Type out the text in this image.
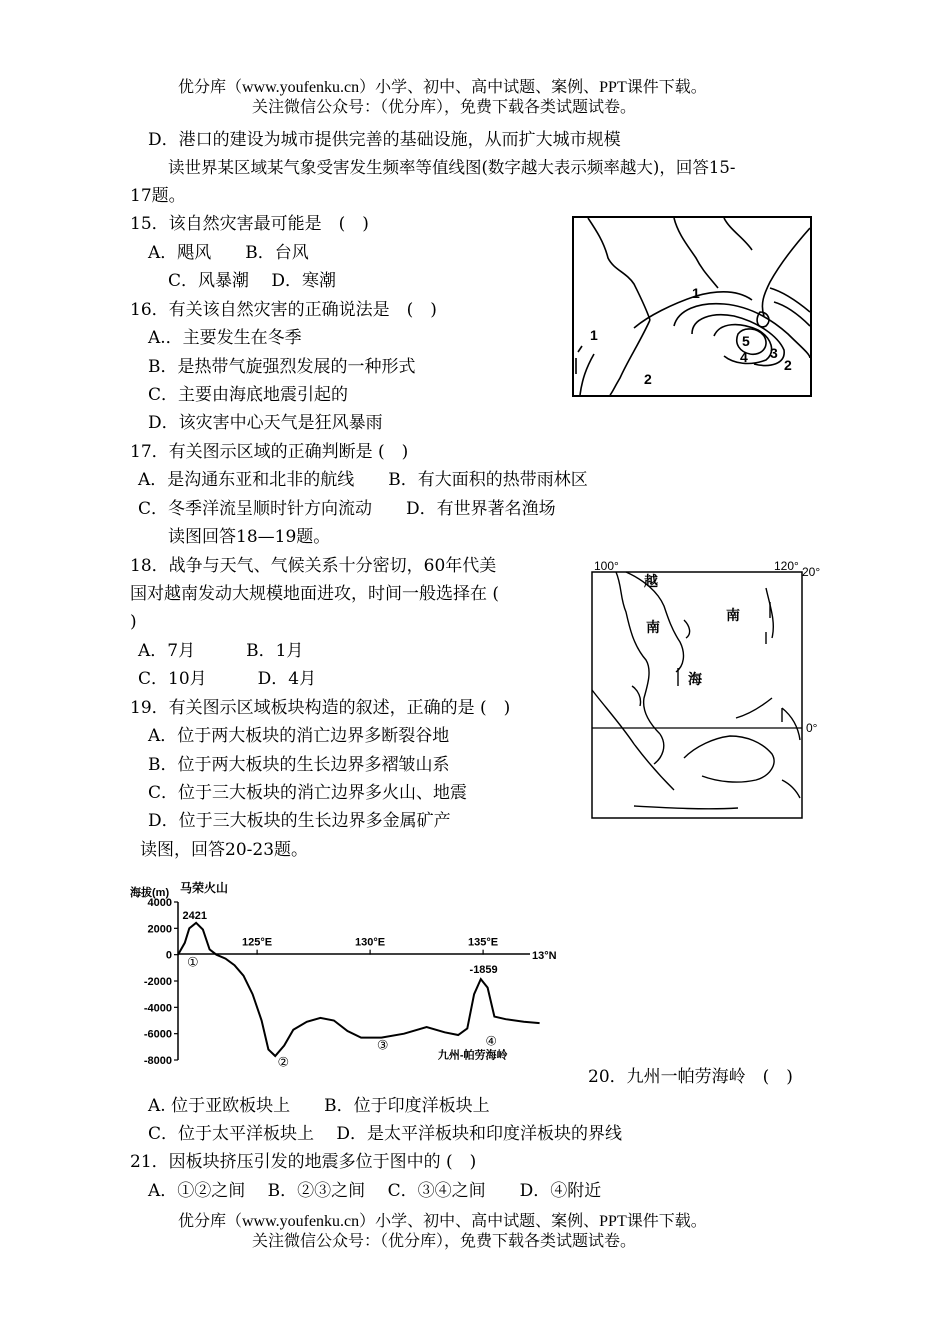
优分库（www.youfenku.cn）小学、初中、高中试题、案例、PPT课件下载。
关注微信公众号：（优分库），免费下载各类试题试卷。
D．港口的建设为城市提供完善的基础设施，从而扩大城市规模
读世界某区域某气象受害发生频率等值线图(数字越大表示频率越大)，回答15-
17题。
15．该自然灾害最可能是　(　)
A．飓风　　B．台风
C．风暴潮　 D．寒潮
16．有关该自然灾害的正确说法是　(　)
A.．主要发生在冬季
B．是热带气旋强烈发展的一种形式
C．主要由海底地震引起的
D．该灾害中心天气是狂风暴雨
17．有关图示区域的正确判断是 (　)
A．是沟通东亚和北非的航线　　B．有大面积的热带雨林区
C．冬季洋流呈顺时针方向流动　　D．有世界著名渔场
读图回答18—19题。
18．战争与天气、气候关系十分密切，60年代美
国对越南发动大规模地面进攻，时间一般选择在 (
)
A．7月　　　B．1月
C．10月　　　D．4月
19．有关图示区域板块构造的叙述，正确的是 (　)
A．位于两大板块的消亡边界多断裂谷地
B．位于两大板块的生长边界多褶皱山系
C．位于三大板块的消亡边界多火山、地震
D．位于三大板块的生长边界多金属矿产
读图，回答20-23题。
20．九州一帕劳海岭　(　)
A. 位于亚欧板块上　　B．位于印度洋板块上
C．位于太平洋板块上　 D．是太平洋板块和印度洋板块的界线
21．因板块挤压引发的地震多位于图中的 (　)
A．①②之间　 B．②③之间　 C．③④之间　　D．④附近
优分库（www.youfenku.cn）小学、初中、高中试题、案例、PPT课件下载。
关注微信公众号：（优分库），免费下载各类试题试卷。
1
1
2
2
3
4
5
100°	120° 20°
0°
越
南
南
海
海拔(m) 马荣火山
13°N
4000
2000
0
-2000
-4000
-6000
-8000
125°E	130°E	135°E
①
②
③	④
2421
-1859
九州-帕劳海岭
